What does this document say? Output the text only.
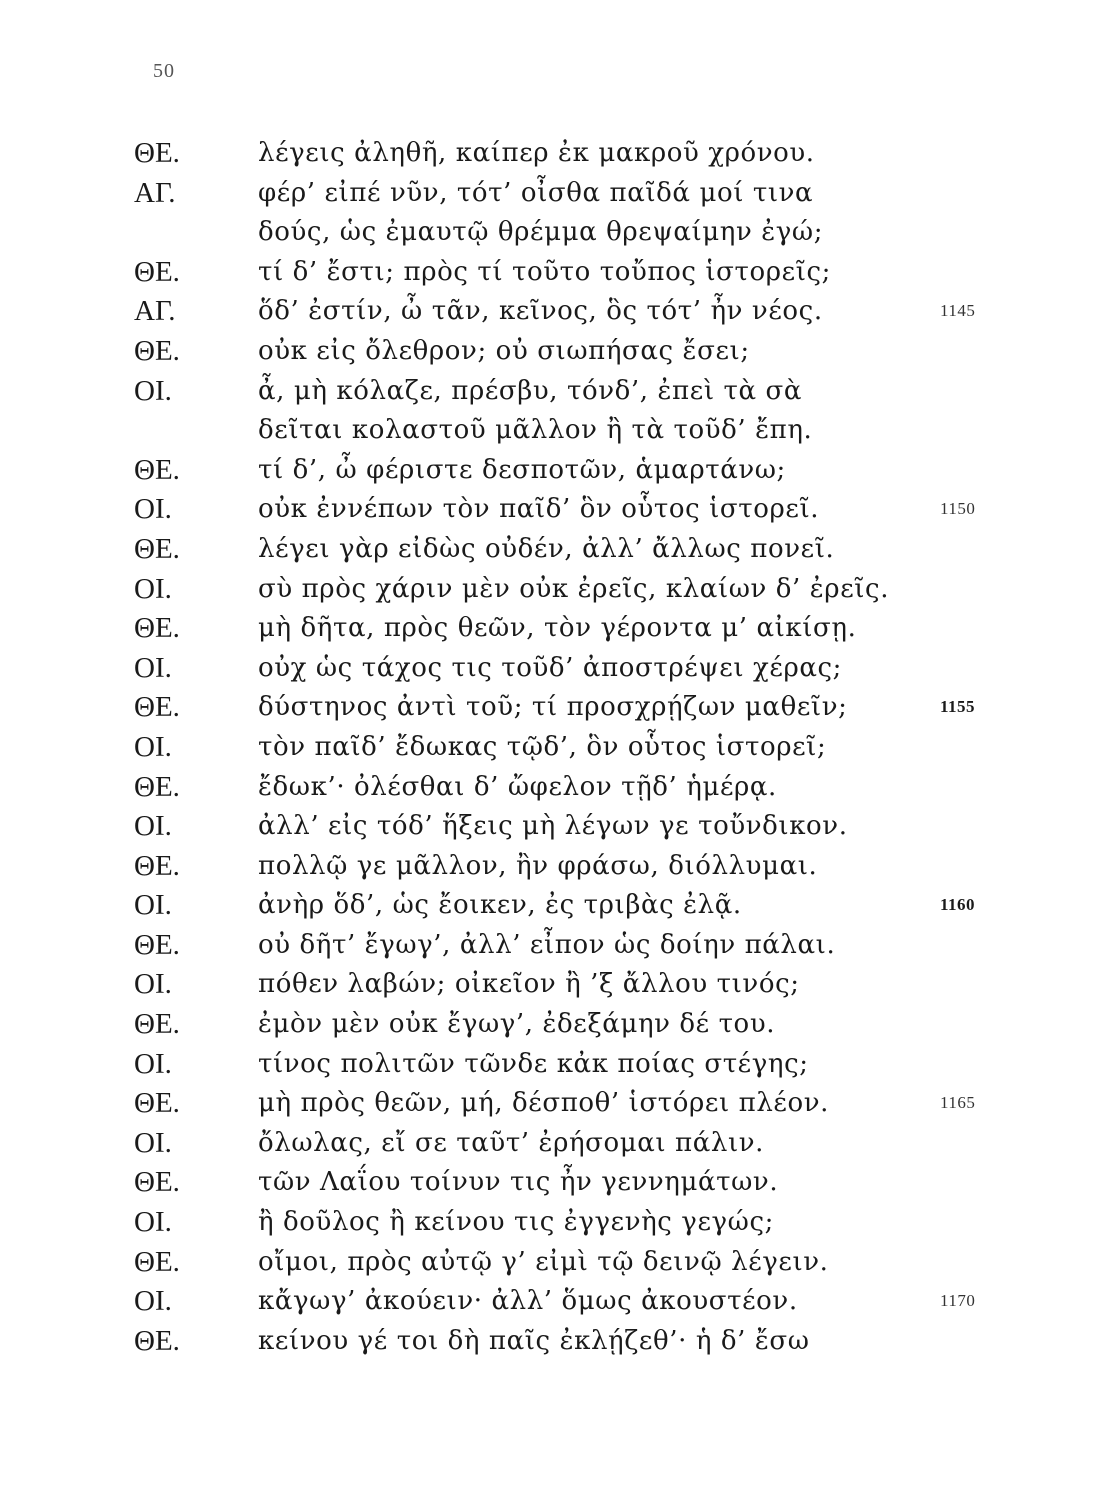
50
ΘΕ.	λέγεις ἀληθῆ, καίπερ ἐκ μακροῦ χρόνου.
ΑΓ.	φέρ’ εἰπέ νῦν, τότ’ οἶσθα παῖδά μοί τινα
δούς, ὡς ἐμαυτῷ θρέμμα θρεψαίμην ἐγώ;
ΘΕ.	τί δ’ ἔστι; πρὸς τί τοῦτο τοὔπος ἱστορεῖς;
ΑΓ.	ὅδ’ ἐστίν, ὦ τᾶν, κεῖνος, ὃς τότ’ ἦν νέος.	1145
ΘΕ.	οὐκ εἰς ὄλεθρον; οὐ σιωπήσας ἔσει;
ΟΙ.	ἆ, μὴ κόλαζε, πρέσβυ, τόνδ’, ἐπεὶ τὰ σὰ
δεῖται κολαστοῦ μᾶλλον ἢ τὰ τοῦδ’ ἔπη.
ΘΕ.	τί δ’, ὦ φέριστε δεσποτῶν, ἁμαρτάνω;
ΟΙ.	οὐκ ἐννέπων τὸν παῖδ’ ὃν οὗτος ἱστορεῖ.	1150
ΘΕ.	λέγει γὰρ εἰδὼς οὐδέν, ἀλλ’ ἄλλως πονεῖ.
ΟΙ.	σὺ πρὸς χάριν μὲν οὐκ ἐρεῖς, κλαίων δ’ ἐρεῖς.
ΘΕ.	μὴ δῆτα, πρὸς θεῶν, τὸν γέροντα μ’ αἰκίσῃ.
ΟΙ.	οὐχ ὡς τάχος τις τοῦδ’ ἀποστρέψει χέρας;
ΘΕ.	δύστηνος ἀντὶ τοῦ; τί προσχρῄζων μαθεῖν;	1155
ΟΙ.	τὸν παῖδ’ ἔδωκας τῷδ’, ὃν οὗτος ἱστορεῖ;
ΘΕ.	ἔδωκ’· ὀλέσθαι δ’ ὤφελον τῇδ’ ἡμέρᾳ.
ΟΙ.	ἀλλ’ εἰς τόδ’ ἥξεις μὴ λέγων γε τοὔνδικον.
ΘΕ.	πολλῷ γε μᾶλλον, ἢν φράσω, διόλλυμαι.
ΟΙ.	ἀνὴρ ὅδ’, ὡς ἔοικεν, ἐς τριβὰς ἐλᾷ.	1160
ΘΕ.	οὐ δῆτ’ ἔγωγ’, ἀλλ’ εἶπον ὡς δοίην πάλαι.
ΟΙ.	πόθεν λαβών; οἰκεῖον ἢ ’ξ ἄλλου τινός;
ΘΕ.	ἐμὸν μὲν οὐκ ἔγωγ’, ἐδεξάμην δέ του.
ΟΙ.	τίνος πολιτῶν τῶνδε κἀκ ποίας στέγης;
ΘΕ.	μὴ πρὸς θεῶν, μή, δέσποθ’ ἱστόρει πλέον.	1165
ΟΙ.	ὄλωλας, εἴ σε ταῦτ’ ἐρήσομαι πάλιν.
ΘΕ.	τῶν Λαΐου τοίνυν τις ἦν γεννημάτων.
ΟΙ.	ἢ δοῦλος ἢ κείνου τις ἐγγενὴς γεγώς;
ΘΕ.	οἴμοι, πρὸς αὐτῷ γ’ εἰμὶ τῷ δεινῷ λέγειν.
ΟΙ.	κἄγωγ’ ἀκούειν· ἀλλ’ ὅμως ἀκουστέον.	1170
ΘΕ.	κείνου γέ τοι δὴ παῖς ἐκλῄζεθ’· ἡ δ’ ἔσω
